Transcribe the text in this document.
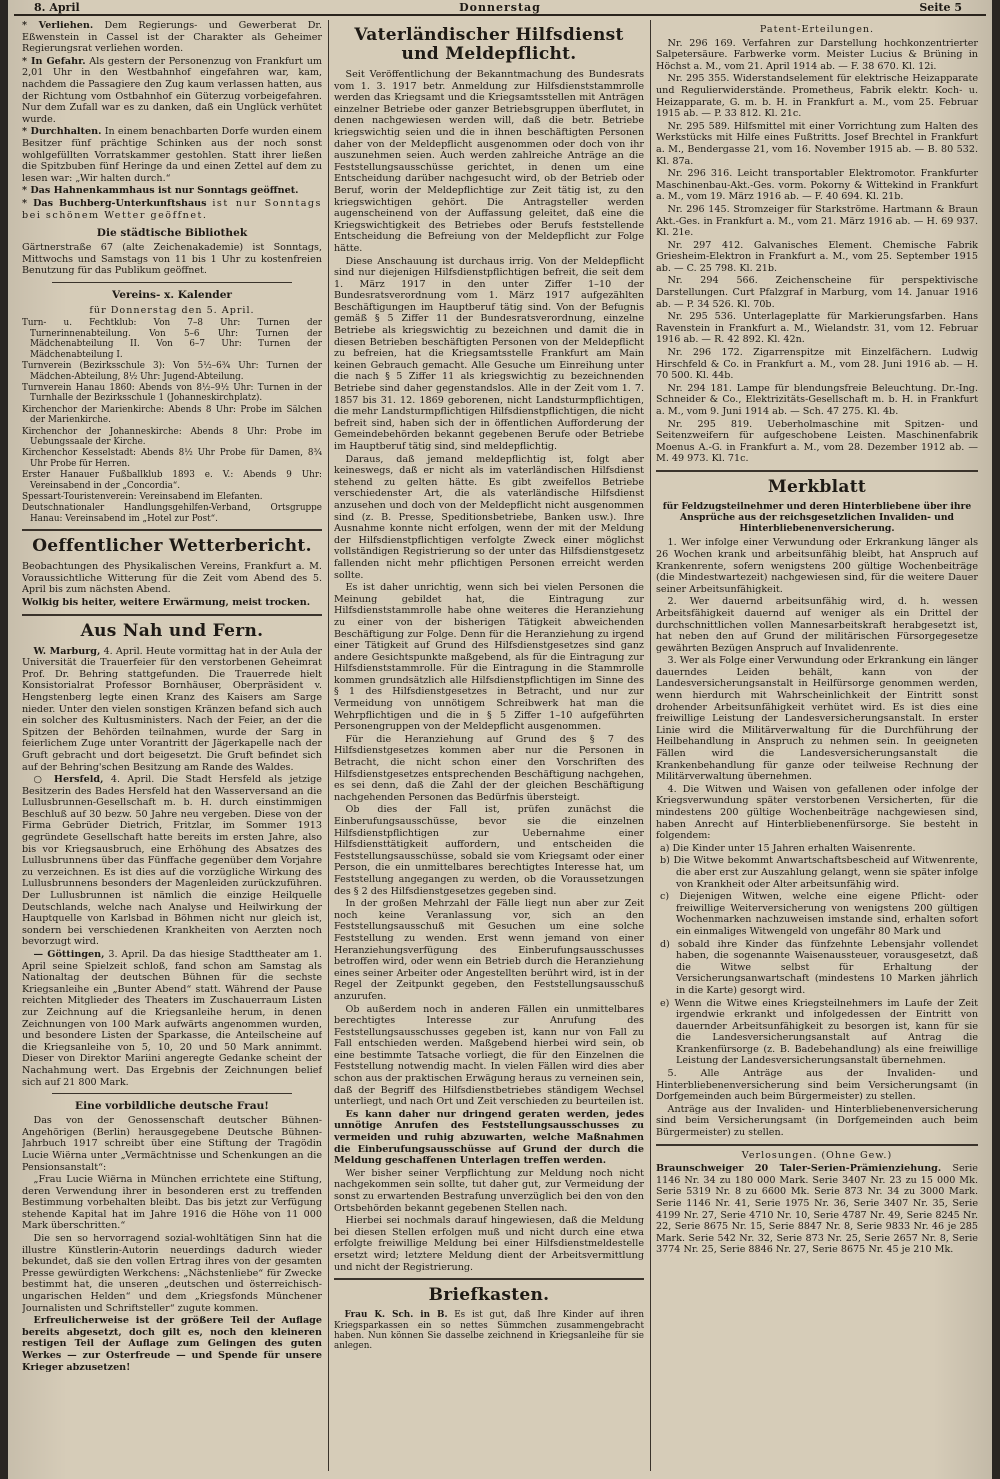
8. April	Donnerstag	Seite 5

* Verliehen. Dem Regierungs- und Gewerberat Dr. Eßwenstein in Cassel ist der Charakter als Geheimer Regierungsrat verliehen worden.

* In Gefahr. Als gestern der Personenzug von Frankfurt um 2,01 Uhr in den Westbahnhof eingefahren war, kam, nachdem die Passagiere den Zug kaum verlassen hatten, aus der Richtung vom Ostbahnhof ein Güterzug vorbeigefahren. Nur dem Zufall war es zu danken, daß ein Unglück verhütet wurde.

* Durchhalten. In einem benachbarten Dorfe wurden einem Besitzer fünf prächtige Schinken aus der noch sonst wohlgefüllten Vorratskammer gestohlen. Statt ihrer ließen die Spitzbuben fünf Heringe da und einen Zettel auf dem zu lesen war: „Wir halten durch.“

* Das Hahnenkammhaus ist nur Sonntags geöffnet.

* Das Buchberg-Unterkunftshaus ist nur Sonntags bei schönem Wetter geöffnet.

Die städtische Bibliothek

Gärtnerstraße 67 (alte Zeichenakademie) ist Sonntags, Mittwochs und Samstags von 11 bis 1 Uhr zu kostenfreien Benutzung für das Publikum geöffnet.

Vereins- x. Kalender
für Donnerstag den 5. April.

Turn- u. Fechtklub: Von 7–8 Uhr: Turnen der Turnerinnenabteilung. Von 5–6 Uhr: Turnen der Mädchenabteilung II. Von 6–7 Uhr: Turnen der Mädchenabteilung I.

Turnverein (Bezirksschule 3): Von 5½–6¾ Uhr: Turnen der Mädchen-Abteilung, 8½ Uhr: Jugend-Abteilung.

Turnverein Hanau 1860: Abends von 8½–9½ Uhr: Turnen in der Turnhalle der Bezirksschule 1 (Johanneskirchplatz).

Kirchenchor der Marienkirche: Abends 8 Uhr: Probe im Sälchen der Marienkirche.

Kirchenchor der Johanneskirche: Abends 8 Uhr: Probe im Uebungssaale der Kirche.

Kirchenchor Kesselstadt: Abends 8½ Uhr Probe für Damen, 8¾ Uhr Probe für Herren.

Erster Hanauer Fußballklub 1893 e. V.: Abends 9 Uhr: Vereinsabend in der „Concordia“.

Spessart-Touristenverein: Vereinsabend im Elefanten.

Deutschnationaler Handlungsgehilfen-Verband, Ortsgruppe Hanau: Vereinsabend im „Hotel zur Post“.

Oeffentlicher Wetterbericht.

Beobachtungen des Physikalischen Vereins, Frankfurt a. M. Voraussichtliche Witterung für die Zeit vom Abend des 5. April bis zum nächsten Abend.

Wolkig bis heiter, weitere Erwärmung, meist trocken.

Aus Nah und Fern.

W. Marburg, 4. April. Heute vormittag hat in der Aula der Universität die Trauerfeier für den verstorbenen Geheimrat Prof. Dr. Behring stattgefunden. Die Trauerrede hielt Konsistorialrat Professor Bornhäuser, Oberpräsident v. Hengstenberg legte einen Kranz des Kaisers am Sarge nieder. Unter den vielen sonstigen Kränzen befand sich auch ein solcher des Kultusministers. Nach der Feier, an der die Spitzen der Behörden teilnahmen, wurde der Sarg in feierlichem Zuge unter Vorantritt der Jägerkapelle nach der Gruft gebracht und dort beigesetzt. Die Gruft befindet sich auf der Behring'schen Besitzung am Rande des Waldes.

○ Hersfeld, 4. April. Die Stadt Hersfeld als jetzige Besitzerin des Bades Hersfeld hat den Wasserversand an die Lullusbrunnen-Gesellschaft m. b. H. durch einstimmigen Beschluß auf 30 bezw. 50 Jahre neu vergeben. Diese von der Firma Gebrüder Dietrich, Fritzlar, im Sommer 1913 gegründete Gesellschaft hatte bereits im ersten Jahre, also bis vor Kriegsausbruch, eine Erhöhung des Absatzes des Lullusbrunnens über das Fünffache gegenüber dem Vorjahre zu verzeichnen. Es ist dies auf die vorzügliche Wirkung des Lullusbrunnens besonders der Magenleiden zurückzuführen. Der Lullusbrunnen ist nämlich die einzige Heilquelle Deutschlands, welche nach Analyse und Heilwirkung der Hauptquelle von Karlsbad in Böhmen nicht nur gleich ist, sondern bei verschiedenen Krankheiten von Aerzten noch bevorzugt wird.

— Göttingen, 3. April. Da das hiesige Stadttheater am 1. April seine Spielzeit schloß, fand schon am Samstag als Nationaltag der deutschen Bühnen für die sechste Kriegsanleihe ein „Bunter Abend“ statt. Während der Pause reichten Mitglieder des Theaters im Zuschauerraum Listen zur Zeichnung auf die Kriegsanleihe herum, in denen Zeichnungen von 100 Mark aufwärts angenommen wurden, und besondere Listen der Sparkasse, die Anteilscheine auf die Kriegsanleihe von 5, 10, 20 und 50 Mark annimmt. Dieser von Direktor Mariini angeregte Gedanke scheint der Nachahmung wert. Das Ergebnis der Zeichnungen belief sich auf 21 800 Mark.

Eine vorbildliche deutsche Frau!

Das von der Genossenschaft deutscher Bühnen-Angehörigen (Berlin) herausgegebene Deutsche Bühnen-Jahrbuch 1917 schreibt über eine Stiftung der Tragödin Lucie Wiërna unter „Vermächtnisse und Schenkungen an die Pensionsanstalt“:

„Frau Lucie Wiërna in München errichtete eine Stiftung, deren Verwendung ihrer in besonderen erst zu treffenden Bestimmung vorbehalten bleibt. Das bis jetzt zur Verfügung stehende Kapital hat im Jahre 1916 die Höhe von 11 000 Mark überschritten.“

Die sen so hervorragend sozial-wohltätigen Sinn hat die illustre Künstlerin-Autorin neuerdings dadurch wieder bekundet, daß sie den vollen Ertrag ihres von der gesamten Presse gewürdigten Werkchens: „Nächstenliebe“ für Zwecke bestimmt hat, die unseren „deutschen und österreichisch-ungarischen Helden“ und dem „Kriegsfonds Münchener Journalisten und Schriftsteller“ zugute kommen.

Erfreulicherweise ist der größere Teil der Auflage bereits abgesetzt, doch gilt es, noch den kleineren restigen Teil der Auflage zum Gelingen des guten Werkes — zur Osterfreude — und Spende für unsere Krieger abzusetzen!

Vaterländischer Hilfsdienst und Meldepflicht.

Seit Veröffentlichung der Bekanntmachung des Bundesrats vom 1. 3. 1917 betr. Anmeldung zur Hilfsdienststammrolle werden das Kriegsamt und die Kriegsamtsstellen mit Anträgen einzelner Betriebe oder ganzer Betriebsgruppen überflutet, in denen nachgewiesen werden will, daß die betr. Betriebe kriegswichtig seien und die in ihnen beschäftigten Personen daher von der Meldepflicht ausgenommen oder doch von ihr auszunehmen seien. Auch werden zahlreiche Anträge an die Feststellungsausschüsse gerichtet, in denen um eine Entscheidung darüber nachgesucht wird, ob der Betrieb oder Beruf, worin der Meldepflichtige zur Zeit tätig ist, zu den kriegswichtigen gehört. Die Antragsteller werden augenscheinend von der Auffassung geleitet, daß eine die Kriegswichtigkeit des Betriebes oder Berufs feststellende Entscheidung die Befreiung von der Meldepflicht zur Folge hätte.

Diese Anschauung ist durchaus irrig. Von der Meldepflicht sind nur diejenigen Hilfsdienstpflichtigen befreit, die seit dem 1. März 1917 in den unter Ziffer 1–10 der Bundesratsverordnung vom 1. März 1917 aufgezählten Beschäftigungen im Hauptberuf tätig sind. Von der Befugnis gemäß § 5 Ziffer 11 der Bundesratsverordnung, einzelne Betriebe als kriegswichtig zu bezeichnen und damit die in diesen Betrieben beschäftigten Personen von der Meldepflicht zu befreien, hat die Kriegsamtsstelle Frankfurt am Main keinen Gebrauch gemacht. Alle Gesuche um Einreihung unter die nach § 5 Ziffer 11 als kriegswichtig zu bezeichnenden Betriebe sind daher gegenstandslos. Alle in der Zeit vom 1. 7. 1857 bis 31. 12. 1869 geborenen, nicht Landsturmpflichtigen, die mehr Landsturmpflichtigen Hilfsdienstpflichtigen, die nicht befreit sind, haben sich der in öffentlichen Aufforderung der Gemeindebehörden bekannt gegebenen Berufe oder Betriebe im Hauptberuf tätig sind, sind meldepflichtig.

Daraus, daß jemand meldepflichtig ist, folgt aber keineswegs, daß er nicht als im vaterländischen Hilfsdienst stehend zu gelten hätte. Es gibt zweifellos Betriebe verschiedenster Art, die als vaterländische Hilfsdienst anzusehen und doch von der Meldepflicht nicht ausgenommen sind (z. B. Presse, Speditionsbetriebe, Banken usw.). Ihre Ausnahme konnte nicht erfolgen, wenn der mit der Meldung der Hilfsdienstpflichtigen verfolgte Zweck einer möglichst vollständigen Registrierung so der unter das Hilfsdienstgesetz fallenden nicht mehr pflichtigen Personen erreicht werden sollte.

Es ist daher unrichtig, wenn sich bei vielen Personen die Meinung gebildet hat, die Eintragung zur Hilfsdienststammrolle habe ohne weiteres die Heranziehung zu einer von der bisherigen Tätigkeit abweichenden Beschäftigung zur Folge. Denn für die Heranziehung zu irgend einer Tätigkeit auf Grund des Hilfsdienstgesetzes sind ganz andere Gesichtspunkte maßgebend, als für die Eintragung zur Hilfsdienststammrolle. Für die Eintragung in die Stammrolle kommen grundsätzlich alle Hilfsdienstpflichtigen im Sinne des § 1 des Hilfsdienstgesetzes in Betracht, und nur zur Vermeidung von unnötigem Schreibwerk hat man die Wehrpflichtigen und die in § 5 Ziffer 1–10 aufgeführten Personengruppen von der Meldepflicht ausgenommen.

Für die Heranziehung auf Grund des § 7 des Hilfsdienstgesetzes kommen aber nur die Personen in Betracht, die nicht schon einer den Vorschriften des Hilfsdienstgesetzes entsprechenden Beschäftigung nachgehen, es sei denn, daß die Zahl der der gleichen Beschäftigung nachgehenden Personen das Bedürfnis übersteigt.

Ob dies der Fall ist, prüfen zunächst die Einberufungsausschüsse, bevor sie die einzelnen Hilfsdienstpflichtigen zur Uebernahme einer Hilfsdiensttätigkeit auffordern, und entscheiden die Feststellungsausschüsse, sobald sie vom Kriegsamt oder einer Person, die ein unmittelbares berechtigtes Interesse hat, um Feststellung angegangen zu werden, ob die Voraussetzungen des § 2 des Hilfsdienstgesetzes gegeben sind.

In der großen Mehrzahl der Fälle liegt nun aber zur Zeit noch keine Veranlassung vor, sich an den Feststellungsausschuß mit Gesuchen um eine solche Feststellung zu wenden. Erst wenn jemand von einer Heranziehungsverfügung des Einberufungsausschusses betroffen wird, oder wenn ein Betrieb durch die Heranziehung eines seiner Arbeiter oder Angestellten berührt wird, ist in der Regel der Zeitpunkt gegeben, den Feststellungsausschuß anzurufen.

Ob außerdem noch in anderen Fällen ein unmittelbares berechtigtes Interesse zur Anrufung des Feststellungsausschusses gegeben ist, kann nur von Fall zu Fall entschieden werden. Maßgebend hierbei wird sein, ob eine bestimmte Tatsache vorliegt, die für den Einzelnen die Feststellung notwendig macht. In vielen Fällen wird dies aber schon aus der praktischen Erwägung heraus zu verneinen sein, daß der Begriff des Hilfsdienstbetriebes ständigem Wechsel unterliegt, und nach Ort und Zeit verschieden zu beurteilen ist.

Es kann daher nur dringend geraten werden, jedes unnötige Anrufen des Feststellungsausschusses zu vermeiden und ruhig abzuwarten, welche Maßnahmen die Einberufungsausschüsse auf Grund der durch die Meldung geschaffenen Unterlagen treffen werden.

Wer bisher seiner Verpflichtung zur Meldung noch nicht nachgekommen sein sollte, tut daher gut, zur Vermeidung der sonst zu erwartenden Bestrafung unverzüglich bei den von den Ortsbehörden bekannt gegebenen Stellen nach.

Hierbei sei nochmals darauf hingewiesen, daß die Meldung bei diesen Stellen erfolgen muß und nicht durch eine etwa erfolgte freiwillige Meldung bei einer Hilfsdienstmeldestelle ersetzt wird; letztere Meldung dient der Arbeitsvermittlung und nicht der Registrierung.

Briefkasten.

Frau K. Sch. in B. Es ist gut, daß Ihre Kinder auf ihren Kriegsparkassen ein so nettes Sümmchen zusammengebracht haben. Nun können Sie dasselbe zeichnend in Kriegsanleihe für sie anlegen.

Patent-Erteilungen.

Nr. 296 169. Verfahren zur Darstellung hochkonzentrierter Salpetersäure. Farbwerke vorm. Meister Lucius & Brüning in Höchst a. M., vom 21. April 1914 ab. — F. 38 670. Kl. 12i.

Nr. 295 355. Widerstandselement für elektrische Heizapparate und Regulierwiderstände. Prometheus, Fabrik elektr. Koch- u. Heizapparate, G. m. b. H. in Frankfurt a. M., vom 25. Februar 1915 ab. — P. 33 812. Kl. 21c.

Nr. 295 589. Hilfsmittel mit einer Vorrichtung zum Halten des Werkstücks mit Hilfe eines Fußtritts. Josef Brechtel in Frankfurt a. M., Bendergasse 21, vom 16. November 1915 ab. — B. 80 532. Kl. 87a.

Nr. 296 316. Leicht transportabler Elektromotor. Frankfurter Maschinenbau-Akt.-Ges. vorm. Pokorny & Wittekind in Frankfurt a. M., vom 19. März 1916 ab. — F. 40 694. Kl. 21b.

Nr. 296 145. Stromzeiger für Starkströme. Hartmann & Braun Akt.-Ges. in Frankfurt a. M., vom 21. März 1916 ab. — H. 69 937. Kl. 21e.

Nr. 297 412. Galvanisches Element. Chemische Fabrik Griesheim-Elektron in Frankfurt a. M., vom 25. September 1915 ab. — C. 25 798. Kl. 21b.

Nr. 294 566. Zeichenscheine für perspektivische Darstellungen. Curt Pfalzgraf in Marburg, vom 14. Januar 1916 ab. — P. 34 526. Kl. 70b.

Nr. 295 536. Unterlageplatte für Markierungsfarben. Hans Ravenstein in Frankfurt a. M., Wielandstr. 31, vom 12. Februar 1916 ab. — R. 42 892. Kl. 42n.

Nr. 296 172. Zigarrenspitze mit Einzelfächern. Ludwig Hirschfeld & Co. in Frankfurt a. M., vom 28. Juni 1916 ab. — H. 70 500. Kl. 44b.

Nr. 294 181. Lampe für blendungsfreie Beleuchtung. Dr.-Ing. Schneider & Co., Elektrizitäts-Gesellschaft m. b. H. in Frankfurt a. M., vom 9. Juni 1914 ab. — Sch. 47 275. Kl. 4b.

Nr. 295 819. Ueberholmaschine mit Spitzen- und Seitenzweifern für aufgeschobene Leisten. Maschinenfabrik Moenus A.-G. in Frankfurt a. M., vom 28. Dezember 1912 ab. — M. 49 973. Kl. 71c.

Merkblatt
für Feldzugsteilnehmer und deren Hinterbliebene über ihre Ansprüche aus der reichsgesetzlichen Invaliden- und Hinterbliebenenversicherung.

1. Wer infolge einer Verwundung oder Erkrankung länger als 26 Wochen krank und arbeitsunfähig bleibt, hat Anspruch auf Krankenrente, sofern wenigstens 200 gültige Wochenbeiträge (die Mindestwartezeit) nachgewiesen sind, für die weitere Dauer seiner Arbeitsunfähigkeit.

2. Wer dauernd arbeitsunfähig wird, d. h. wessen Arbeitsfähigkeit dauernd auf weniger als ein Drittel der durchschnittlichen vollen Mannesarbeitskraft herabgesetzt ist, hat neben den auf Grund der militärischen Fürsorgegesetze gewährten Bezügen Anspruch auf Invalidenrente.

3. Wer als Folge einer Verwundung oder Erkrankung ein länger dauerndes Leiden behält, kann von der Landesversicherungsanstalt in Heilfürsorge genommen werden, wenn hierdurch mit Wahrscheinlichkeit der Eintritt sonst drohender Arbeitsunfähigkeit verhütet wird. Es ist dies eine freiwillige Leistung der Landesversicherungsanstalt. In erster Linie wird die Militärverwaltung für die Durchführung der Heilbehandlung in Anspruch zu nehmen sein. In geeigneten Fällen wird die Landesversicherungsanstalt die Krankenbehandlung für ganze oder teilweise Rechnung der Militärverwaltung übernehmen.

4. Die Witwen und Waisen von gefallenen oder infolge der Kriegsverwundung später verstorbenen Versicherten, für die mindestens 200 gültige Wochenbeiträge nachgewiesen sind, haben Anrecht auf Hinterbliebenenfürsorge. Sie besteht in folgendem:

a) Die Kinder unter 15 Jahren erhalten Waisenrente.

b) Die Witwe bekommt Anwartschaftsbescheid auf Witwenrente, die aber erst zur Auszahlung gelangt, wenn sie später infolge von Krankheit oder Alter arbeitsunfähig wird.

c) Diejenigen Witwen, welche eine eigene Pflicht- oder freiwillige Weiterversicherung von wenigstens 200 gültigen Wochenmarken nachzuweisen imstande sind, erhalten sofort ein einmaliges Witwengeld von ungefähr 80 Mark und

d) sobald ihre Kinder das fünfzehnte Lebensjahr vollendet haben, die sogenannte Waisenaussteuer, vorausgesetzt, daß die Witwe selbst für Erhaltung der Versicherungsanwartschaft (mindestens 10 Marken jährlich in die Karte) gesorgt wird.

e) Wenn die Witwe eines Kriegsteilnehmers im Laufe der Zeit irgendwie erkrankt und infolgedessen der Eintritt von dauernder Arbeitsunfähigkeit zu besorgen ist, kann für sie die Landesversicherungsanstalt auf Antrag die Krankenfürsorge (z. B. Badebehandlung) als eine freiwillige Leistung der Landesversicherungsanstalt übernehmen.

5. Alle Anträge aus der Invaliden- und Hinterbliebenenversicherung sind beim Versicherungsamt (in Dorfgemeinden auch beim Bürgermeister) zu stellen.

Anträge aus der Invaliden- und Hinterbliebenenversicherung sind beim Versicherungsamt (in Dorfgemeinden auch beim Bürgermeister) zu stellen.

Verlosungen. (Ohne Gew.)

Braunschweiger 20 Taler-Serien-Prämienziehung. Serie 1146 Nr. 34 zu 180 000 Mark. Serie 3407 Nr. 23 zu 15 000 Mk. Serie 5319 Nr. 8 zu 6600 Mk. Serie 873 Nr. 34 zu 3000 Mark. Serie 1146 Nr. 41, Serie 1975 Nr. 36, Serie 3407 Nr. 35, Serie 4199 Nr. 27, Serie 4710 Nr. 10, Serie 4787 Nr. 49, Serie 8245 Nr. 22, Serie 8675 Nr. 15, Serie 8847 Nr. 8, Serie 9833 Nr. 46 je 285 Mark. Serie 542 Nr. 32, Serie 873 Nr. 25, Serie 2657 Nr. 8, Serie 3774 Nr. 25, Serie 8846 Nr. 27, Serie 8675 Nr. 45 je 210 Mk.
